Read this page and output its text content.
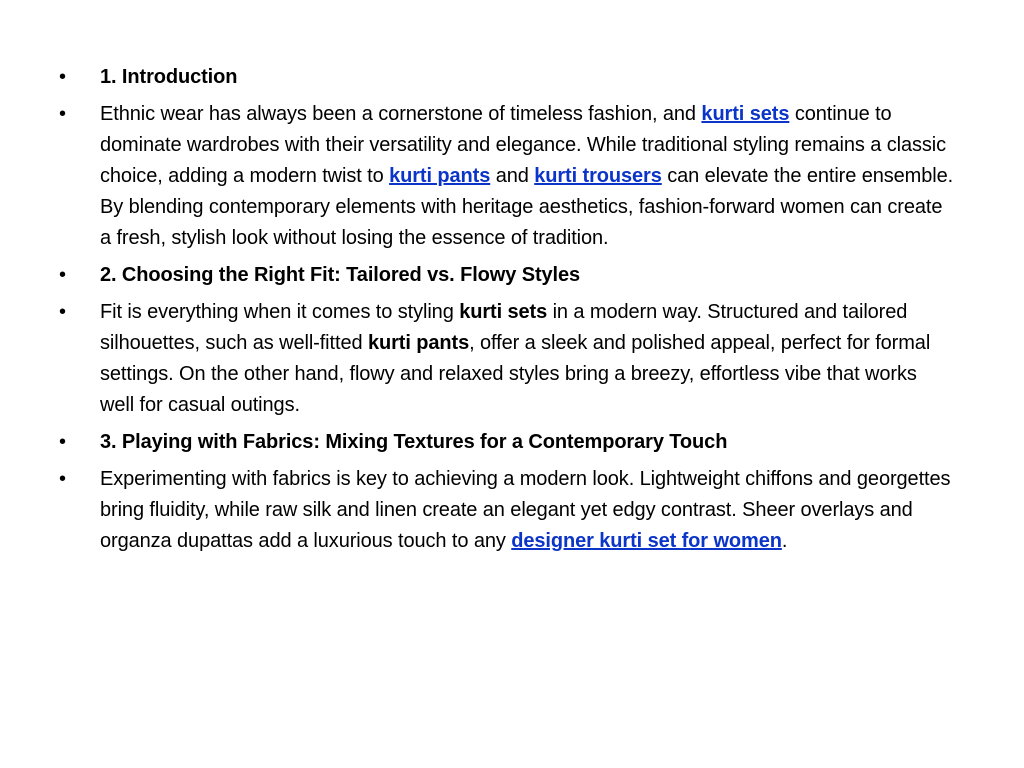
• 1. Introduction
• Ethnic wear has always been a cornerstone of timeless fashion, and kurti sets continue to dominate wardrobes with their versatility and elegance. While traditional styling remains a classic choice, adding a modern twist to kurti pants and kurti trousers can elevate the entire ensemble. By blending contemporary elements with heritage aesthetics, fashion-forward women can create a fresh, stylish look without losing the essence of tradition.
• 2. Choosing the Right Fit: Tailored vs. Flowy Styles
• Fit is everything when it comes to styling kurti sets in a modern way. Structured and tailored silhouettes, such as well-fitted kurti pants, offer a sleek and polished appeal, perfect for formal settings. On the other hand, flowy and relaxed styles bring a breezy, effortless vibe that works well for casual outings.
• 3. Playing with Fabrics: Mixing Textures for a Contemporary Touch
• Experimenting with fabrics is key to achieving a modern look. Lightweight chiffons and georgettes bring fluidity, while raw silk and linen create an elegant yet edgy contrast. Sheer overlays and organza dupattas add a luxurious touch to any designer kurti set for women.
